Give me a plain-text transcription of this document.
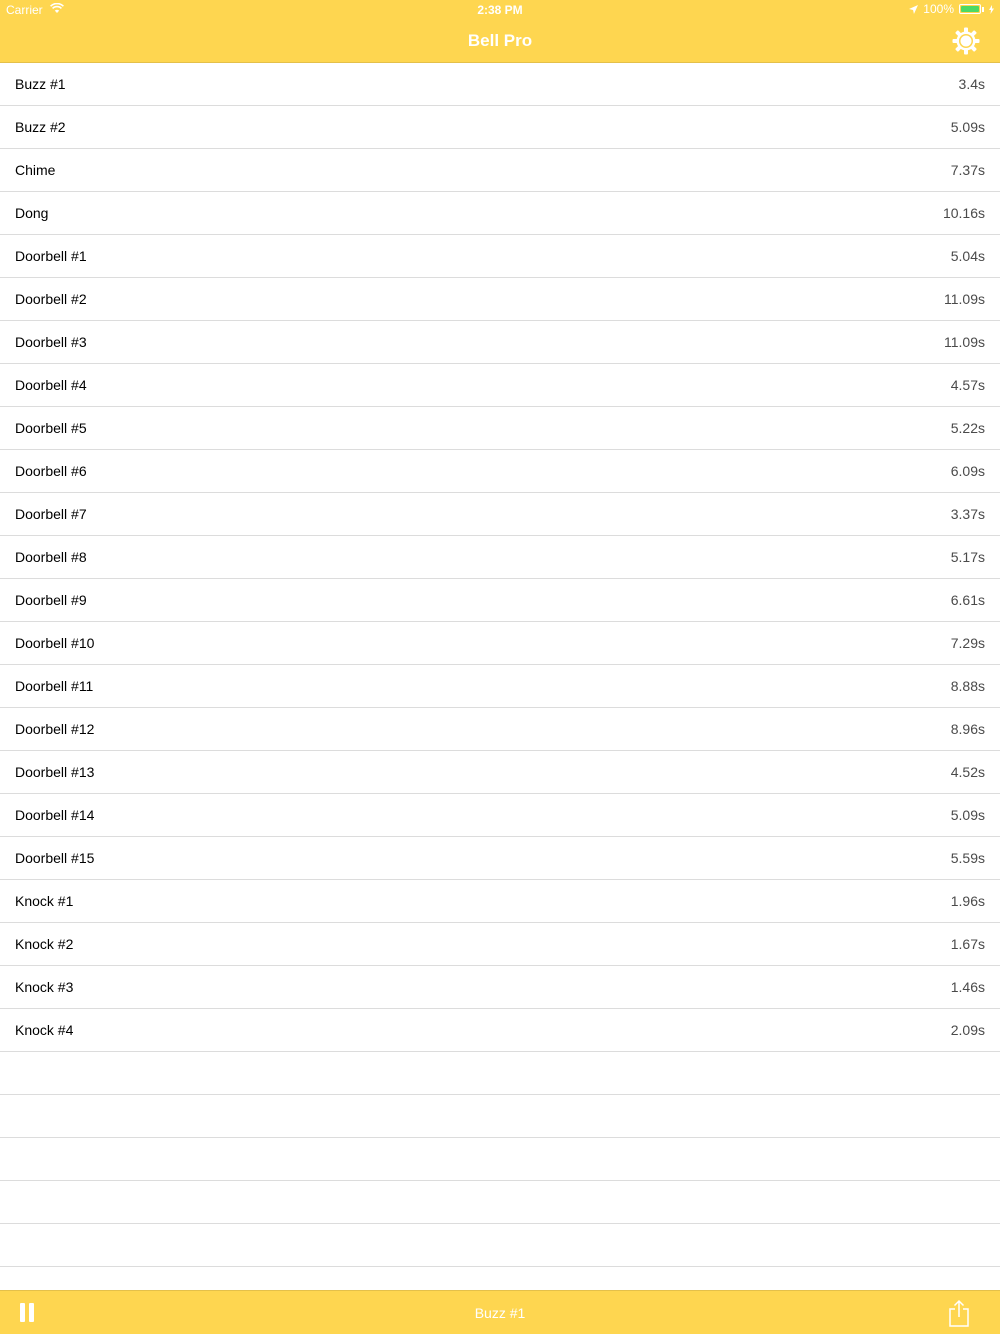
Carrier	2:38 PM	100%
Bell Pro
Buzz #1	3.4s
Buzz #2	5.09s
Chime	7.37s
Dong	10.16s
Doorbell #1	5.04s
Doorbell #2	11.09s
Doorbell #3	11.09s
Doorbell #4	4.57s
Doorbell #5	5.22s
Doorbell #6	6.09s
Doorbell #7	3.37s
Doorbell #8	5.17s
Doorbell #9	6.61s
Doorbell #10	7.29s
Doorbell #11	8.88s
Doorbell #12	8.96s
Doorbell #13	4.52s
Doorbell #14	5.09s
Doorbell #15	5.59s
Knock #1	1.96s
Knock #2	1.67s
Knock #3	1.46s
Knock #4	2.09s
Buzz #1
